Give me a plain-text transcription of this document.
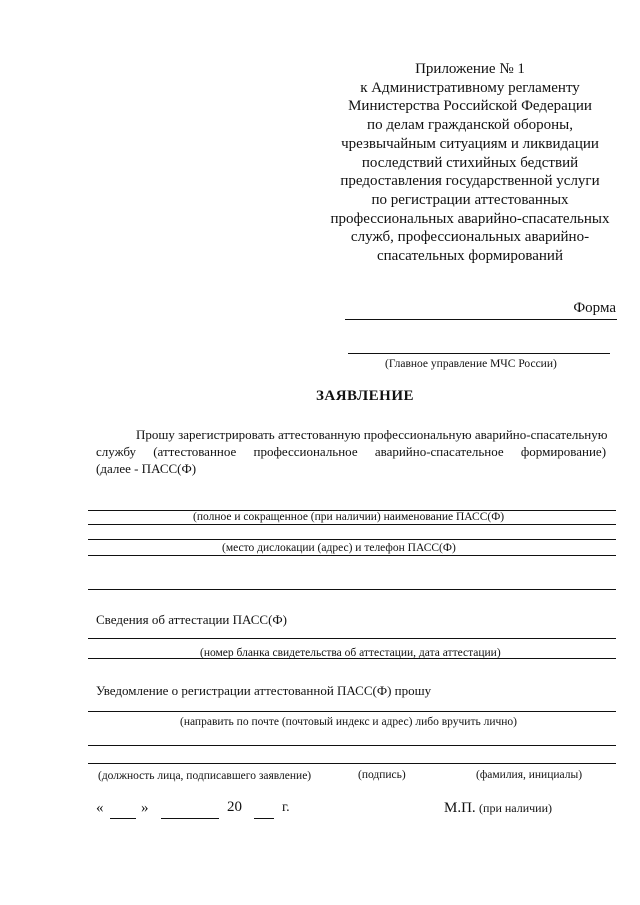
Приложение № 1
к Административному регламенту
Министерства Российской Федерации
по делам гражданской обороны,
чрезвычайным ситуациям и ликвидации
последствий стихийных бедствий
предоставления государственной услуги
по регистрации аттестованных
профессиональных аварийно-спасательных
служб, профессиональных аварийно-
спасательных формирований
Форма
(Главное управление МЧС России)
ЗАЯВЛЕНИЕ
Прошу зарегистрировать аттестованную профессиональную аварийно-спасательную
службу (аттестованное профессиональное аварийно-спасательное формирование)
(далее - ПАСС(Ф)
(полное и сокращенное (при наличии) наименование ПАСС(Ф)
(место дислокации (адрес) и телефон ПАСС(Ф)
Сведения об аттестации ПАСС(Ф)
(номер бланка свидетельства об аттестации, дата аттестации)
Уведомление о регистрации аттестованной ПАСС(Ф) прошу
(направить по почте (почтовый индекс и адрес) либо вручить лично)
(должность лица, подписавшего заявление)	(подпись)	(фамилия, инициалы)
«	»	20	г.	М.П. (при наличии)
